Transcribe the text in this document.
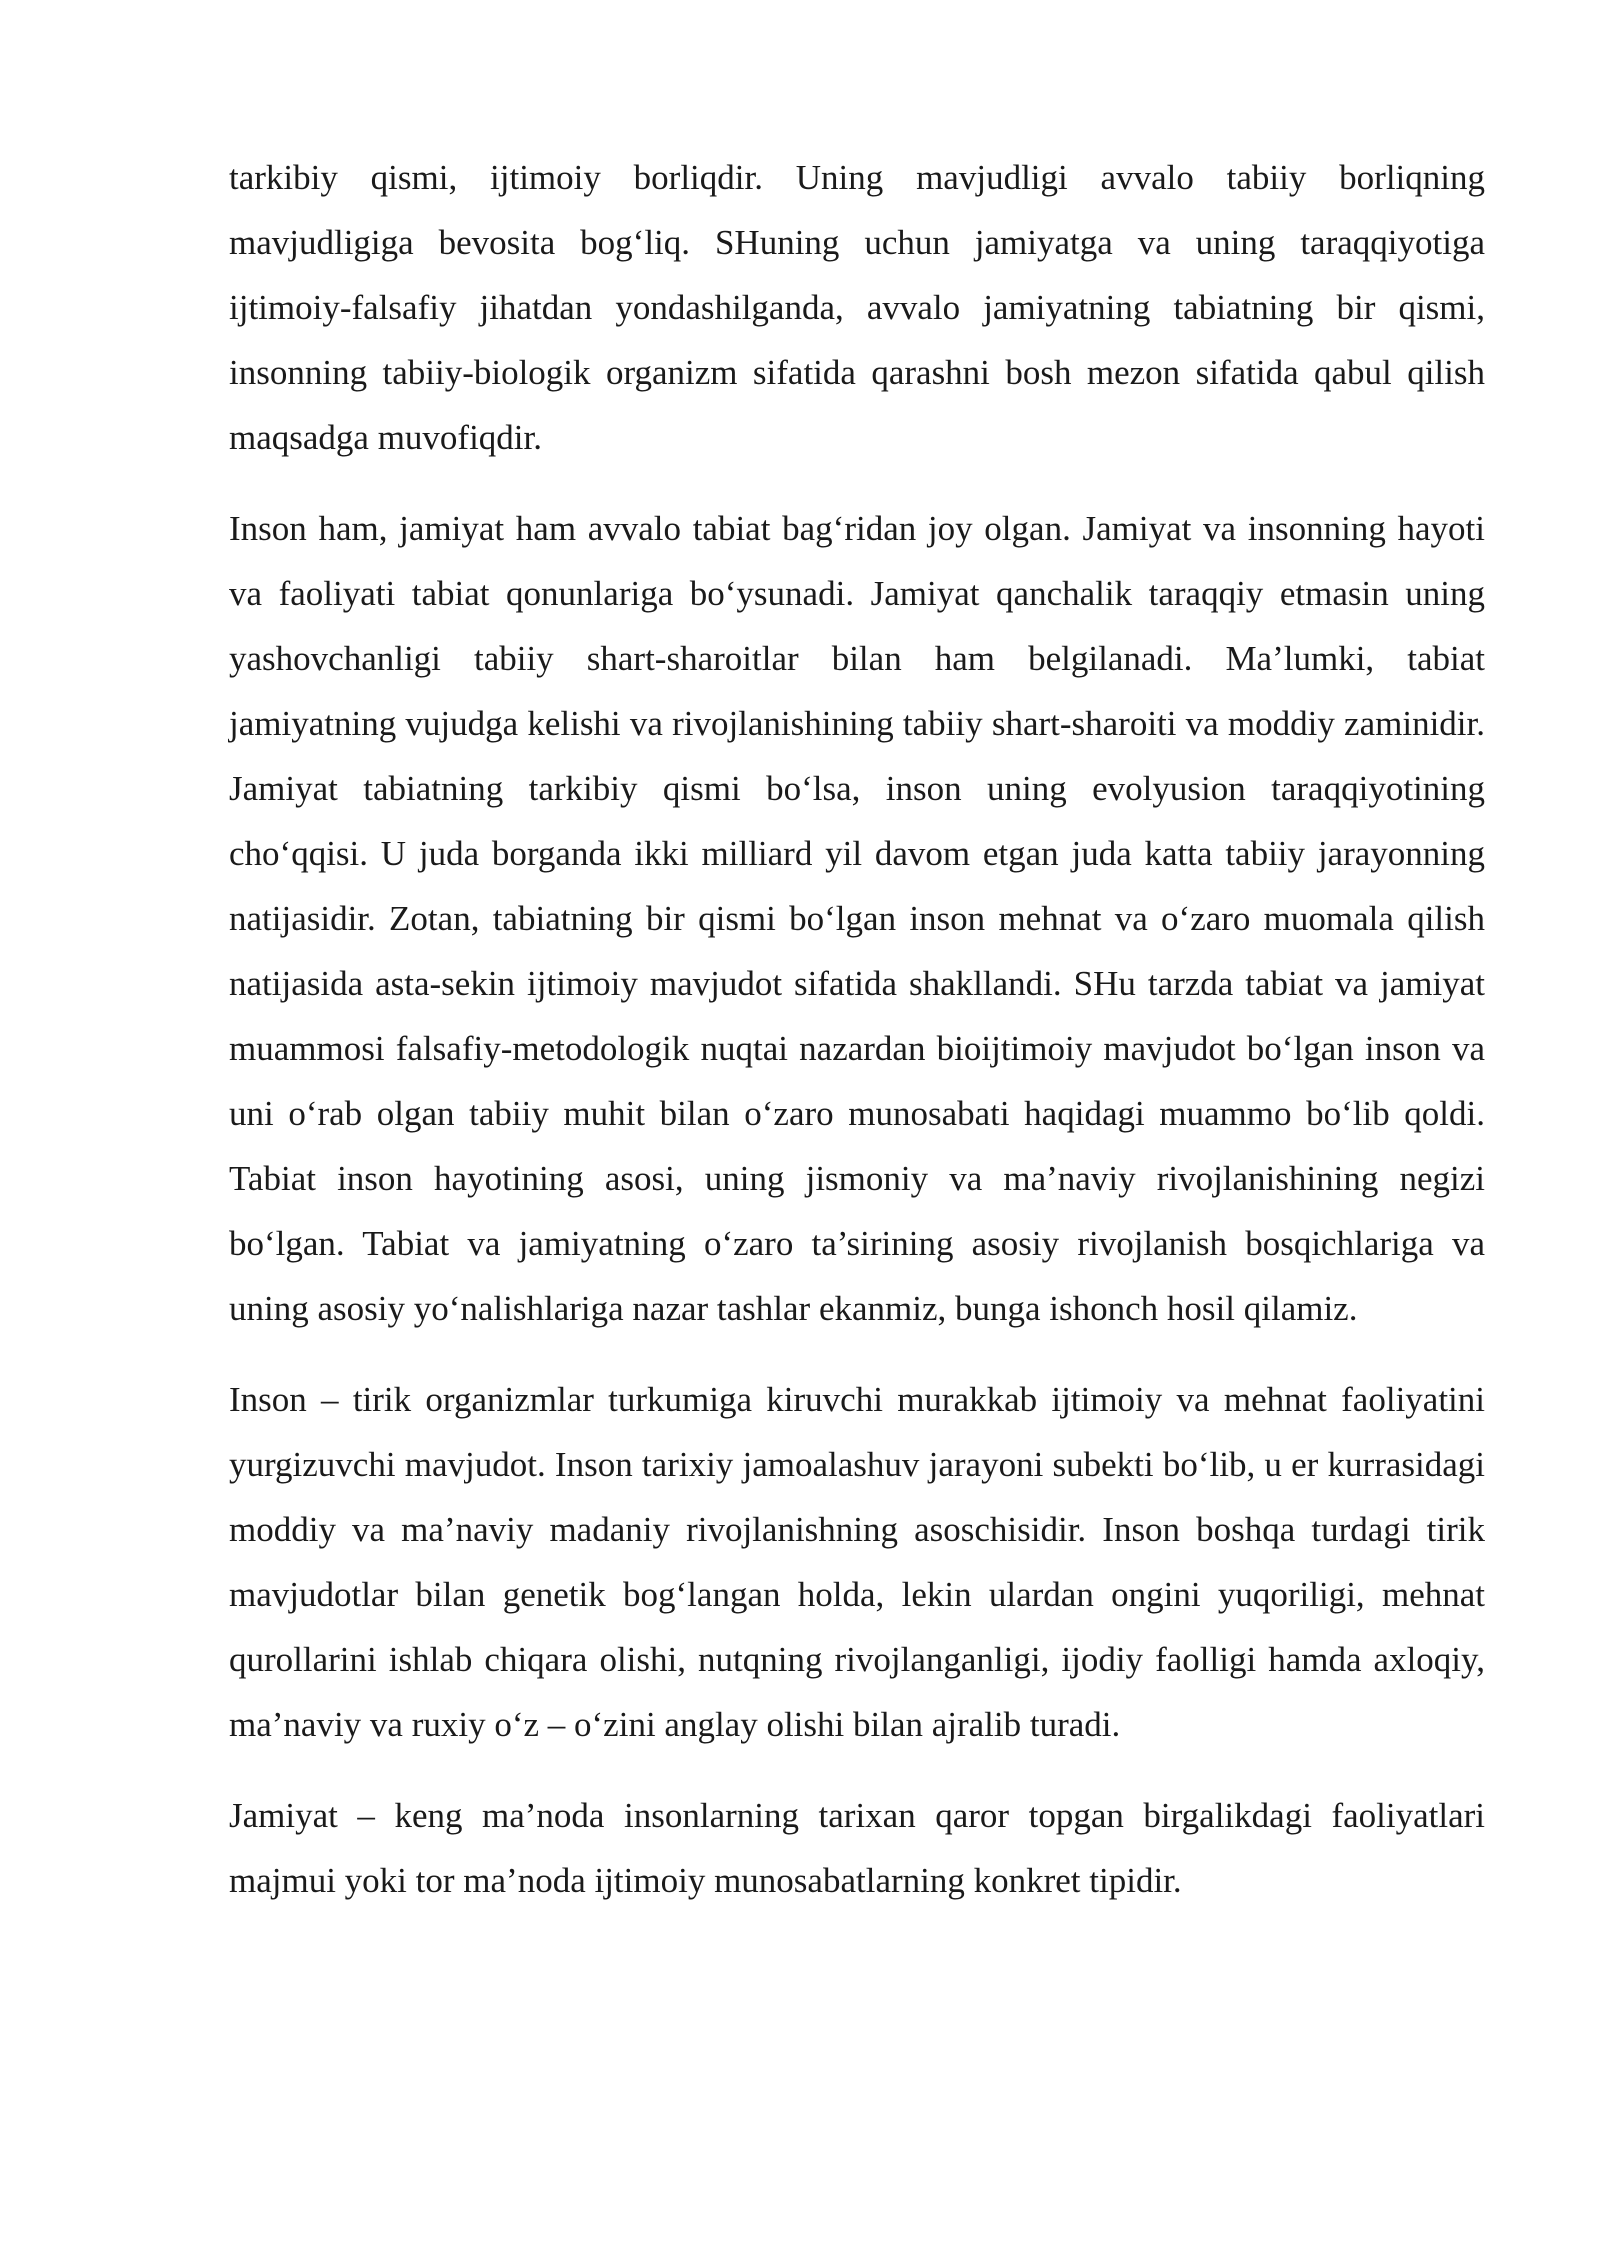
tarkibiy qismi, ijtimoiy borliqdir. Uning mavjudligi avvalo tabiiy borliqning mavjudligiga bevosita bog‘liq. SHuning uchun jamiyatga va uning taraqqiyotiga ijtimoiy-falsafiy jihatdan yondashilganda, avvalo jamiyatning tabiatning bir qismi, insonning tabiiy-biologik organizm sifatida qarashni bosh mezon sifatida qabul qilish maqsadga muvofiqdir.

Inson ham, jamiyat ham avvalo tabiat bag‘ridan joy olgan. Jamiyat va insonning hayoti va faoliyati tabiat qonunlariga bo‘ysunadi. Jamiyat qanchalik taraqqiy etmasin uning yashovchanligi tabiiy shart-sharoitlar bilan ham belgilanadi. Ma’lumki, tabiat jamiyatning vujudga kelishi va rivojlanishining tabiiy shart-sharoiti va moddiy zaminidir. Jamiyat tabiatning tarkibiy qismi bo‘lsa, inson uning evolyusion taraqqiyotining cho‘qqisi. U juda borganda ikki milliard yil davom etgan juda katta tabiiy jarayonning natijasidir. Zotan, tabiatning bir qismi bo‘lgan inson mehnat va o‘zaro muomala qilish natijasida asta-sekin ijtimoiy mavjudot sifatida shakllandi. SHu tarzda tabiat va jamiyat muammosi falsafiy-metodologik nuqtai nazardan bioijtimoiy mavjudot bo‘lgan inson va uni o‘rab olgan tabiiy muhit bilan o‘zaro munosabati haqidagi muammo bo‘lib qoldi. Tabiat inson hayotining asosi, uning jismoniy va ma’naviy rivojlanishining negizi bo‘lgan. Tabiat va jamiyatning o‘zaro ta’sirining asosiy rivojlanish bosqichlariga va uning asosiy yo‘nalishlariga nazar tashlar ekanmiz, bunga ishonch hosil qilamiz.

Inson – tirik organizmlar turkumiga kiruvchi murakkab ijtimoiy va mehnat faoliyatini yurgizuvchi mavjudot. Inson tarixiy jamoalashuv jarayoni subekti bo‘lib, u er kurrasidagi moddiy va ma’naviy madaniy rivojlanishning asoschisidir. Inson boshqa turdagi tirik mavjudotlar bilan genetik bog‘langan holda, lekin ulardan ongini yuqoriligi, mehnat qurollarini ishlab chiqara olishi, nutqning rivojlanganligi, ijodiy faolligi hamda axloqiy, ma’naviy va ruxiy o‘z – o‘zini anglay olishi bilan ajralib turadi.

Jamiyat – keng ma’noda insonlarning tarixan qaror topgan birgalikdagi faoliyatlari majmui yoki tor ma’noda ijtimoiy munosabatlarning konkret tipidir.
